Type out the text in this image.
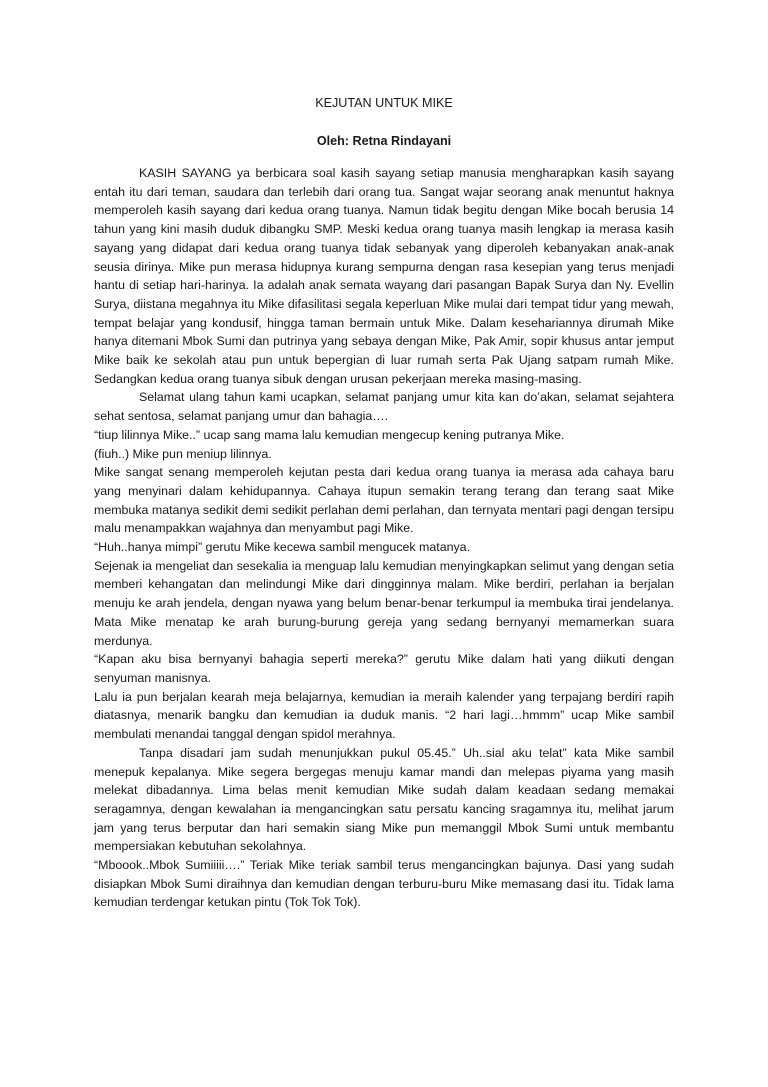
KEJUTAN UNTUK MIKE
Oleh: Retna Rindayani

KASIH SAYANG ya berbicara soal kasih sayang setiap manusia mengharapkan kasih sayang entah itu dari teman, saudara dan terlebih dari orang tua. Sangat wajar seorang anak menuntut haknya memperoleh kasih sayang dari kedua orang tuanya. Namun tidak begitu dengan Mike bocah berusia 14 tahun yang kini masih duduk dibangku SMP. Meski kedua orang tuanya masih lengkap ia merasa kasih sayang yang didapat dari kedua orang tuanya tidak sebanyak yang diperoleh kebanyakan anak-anak seusia dirinya. Mike pun merasa hidupnya kurang sempurna dengan rasa kesepian yang terus menjadi hantu di setiap hari-harinya. Ia adalah anak semata wayang dari pasangan Bapak Surya dan Ny. Evellin Surya, diistana megahnya itu Mike difasilitasi segala keperluan Mike mulai dari tempat tidur yang mewah, tempat belajar yang kondusif, hingga taman bermain untuk Mike. Dalam kesehariannya dirumah Mike hanya ditemani Mbok Sumi dan putrinya yang sebaya dengan Mike, Pak Amir, sopir khusus antar jemput Mike baik ke sekolah atau pun untuk bepergian di luar rumah serta Pak Ujang satpam rumah Mike. Sedangkan kedua orang tuanya sibuk dengan urusan pekerjaan mereka masing-masing.

Selamat ulang tahun kami ucapkan, selamat panjang umur kita kan do’akan, selamat sejahtera sehat sentosa, selamat panjang umur dan bahagia….

“tiup lilinnya Mike..” ucap sang mama lalu kemudian mengecup kening putranya Mike.

(fiuh..) Mike pun meniup lilinnya.

Mike sangat senang memperoleh kejutan pesta dari kedua orang tuanya ia merasa ada cahaya baru yang menyinari dalam kehidupannya. Cahaya itupun semakin terang terang dan terang saat Mike membuka matanya sedikit demi sedikit perlahan demi perlahan, dan ternyata mentari pagi dengan tersipu malu menampakkan wajahnya dan menyambut pagi Mike.

“Huh..hanya mimpi” gerutu Mike kecewa sambil mengucek matanya.

Sejenak ia mengeliat dan sesekalia ia menguap lalu kemudian menyingkapkan selimut yang dengan setia memberi kehangatan dan melindungi Mike dari dingginnya malam. Mike berdiri, perlahan ia berjalan menuju ke arah jendela, dengan nyawa yang belum benar-benar terkumpul ia membuka tirai jendelanya. Mata Mike menatap ke arah burung-burung gereja yang sedang bernyanyi memamerkan suara merdunya.

“Kapan aku bisa bernyanyi bahagia seperti mereka?” gerutu Mike dalam hati yang diikuti dengan senyuman manisnya.

Lalu ia pun berjalan kearah meja belajarnya, kemudian ia meraih kalender yang terpajang berdiri rapih diatasnya, menarik bangku dan kemudian ia duduk manis. “2 hari lagi…hmmm” ucap Mike sambil membulati menandai tanggal dengan spidol merahnya.

Tanpa disadari jam sudah menunjukkan pukul 05.45.” Uh..sial aku telat” kata Mike sambil menepuk kepalanya. Mike segera bergegas menuju kamar mandi dan melepas piyama yang masih melekat dibadannya. Lima belas menit kemudian Mike sudah dalam keadaan sedang memakai seragamnya, dengan kewalahan ia mengancingkan satu persatu kancing sragamnya itu, melihat jarum jam yang terus berputar dan hari semakin siang Mike pun memanggil Mbok Sumi untuk membantu mempersiakan kebutuhan sekolahnya.

“Mboook..Mbok Sumiiiii….” Teriak Mike teriak sambil terus mengancingkan bajunya. Dasi yang sudah disiapkan Mbok Sumi diraihnya dan kemudian dengan terburu-buru Mike memasang dasi itu. Tidak lama kemudian terdengar ketukan pintu (Tok Tok Tok).
